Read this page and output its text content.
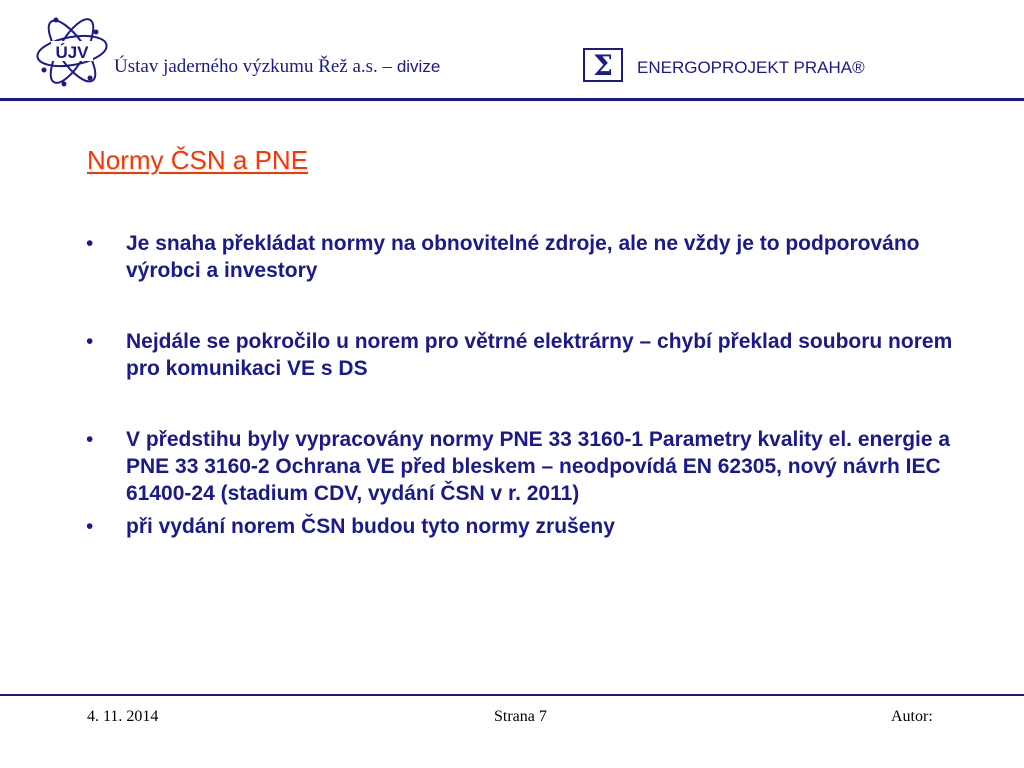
ÚJV
Ústav jaderného výzkumu Řež a.s. – divize	Σ ENERGOPROJEKT PRAHA®
Normy ČSN a PNE
• Je snaha překládat normy na obnovitelné zdroje, ale ne vždy je to podporováno výrobci a investory
• Nejdále se pokročilo u norem pro větrné elektrárny – chybí překlad souboru norem pro komunikaci VE s DS
• V předstihu byly vypracovány normy PNE 33 3160-1 Parametry kvality el. energie a PNE 33 3160-2 Ochrana VE před bleskem – neodpovídá EN 62305, nový návrh IEC 61400-24 (stadium CDV, vydání ČSN v r. 2011)
• při vydání norem ČSN budou tyto normy zrušeny
4. 11. 2014	Strana 7	Autor:
